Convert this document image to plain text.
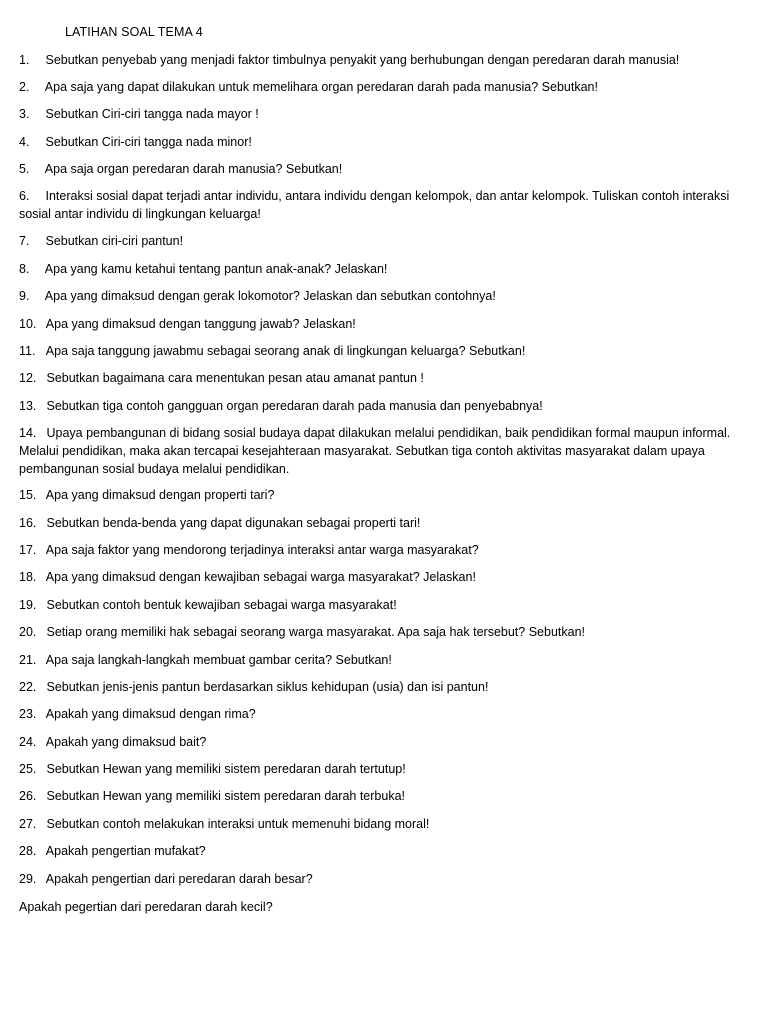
LATIHAN SOAL TEMA 4
1. Sebutkan penyebab yang menjadi faktor timbulnya penyakit yang berhubungan dengan peredaran darah manusia!
2. Apa saja yang dapat dilakukan untuk memelihara organ peredaran darah pada manusia? Sebutkan!
3. Sebutkan Ciri-ciri tangga nada mayor !
4. Sebutkan Ciri-ciri tangga nada minor!
5. Apa saja organ peredaran darah manusia? Sebutkan!
6. Interaksi sosial dapat terjadi antar individu, antara individu dengan kelompok, dan antar kelompok. Tuliskan contoh interaksi sosial antar individu di lingkungan keluarga!
7. Sebutkan ciri-ciri pantun!
8. Apa yang kamu ketahui tentang pantun anak-anak? Jelaskan!
9. Apa yang dimaksud dengan gerak lokomotor? Jelaskan dan sebutkan contohnya!
10. Apa yang dimaksud dengan tanggung jawab? Jelaskan!
11. Apa saja tanggung jawabmu sebagai seorang anak di lingkungan keluarga? Sebutkan!
12. Sebutkan bagaimana cara menentukan pesan atau amanat pantun !
13. Sebutkan tiga contoh gangguan organ peredaran darah pada manusia dan penyebabnya!
14. Upaya pembangunan di bidang sosial budaya dapat dilakukan melalui pendidikan, baik pendidikan formal maupun informal. Melalui pendidikan, maka akan tercapai kesejahteraan masyarakat. Sebutkan tiga contoh aktivitas masyarakat dalam upaya pembangunan sosial budaya melalui pendidikan.
15. Apa yang dimaksud dengan properti tari?
16. Sebutkan benda-benda yang dapat digunakan sebagai properti tari!
17. Apa saja faktor yang mendorong terjadinya interaksi antar warga masyarakat?
18. Apa yang dimaksud dengan kewajiban sebagai warga masyarakat? Jelaskan!
19. Sebutkan contoh bentuk kewajiban sebagai warga masyarakat!
20. Setiap orang memiliki hak sebagai seorang warga masyarakat. Apa saja hak tersebut? Sebutkan!
21. Apa saja langkah-langkah membuat gambar cerita? Sebutkan!
22. Sebutkan jenis-jenis pantun berdasarkan siklus kehidupan (usia) dan isi pantun!
23. Apakah yang dimaksud dengan rima?
24. Apakah yang dimaksud bait?
25. Sebutkan Hewan yang memiliki sistem peredaran darah tertutup!
26. Sebutkan Hewan yang memiliki sistem peredaran darah terbuka!
27. Sebutkan contoh melakukan interaksi untuk memenuhi bidang moral!
28. Apakah pengertian mufakat?
29. Apakah pengertian dari peredaran darah besar?
Apakah pegertian dari peredaran darah kecil?
